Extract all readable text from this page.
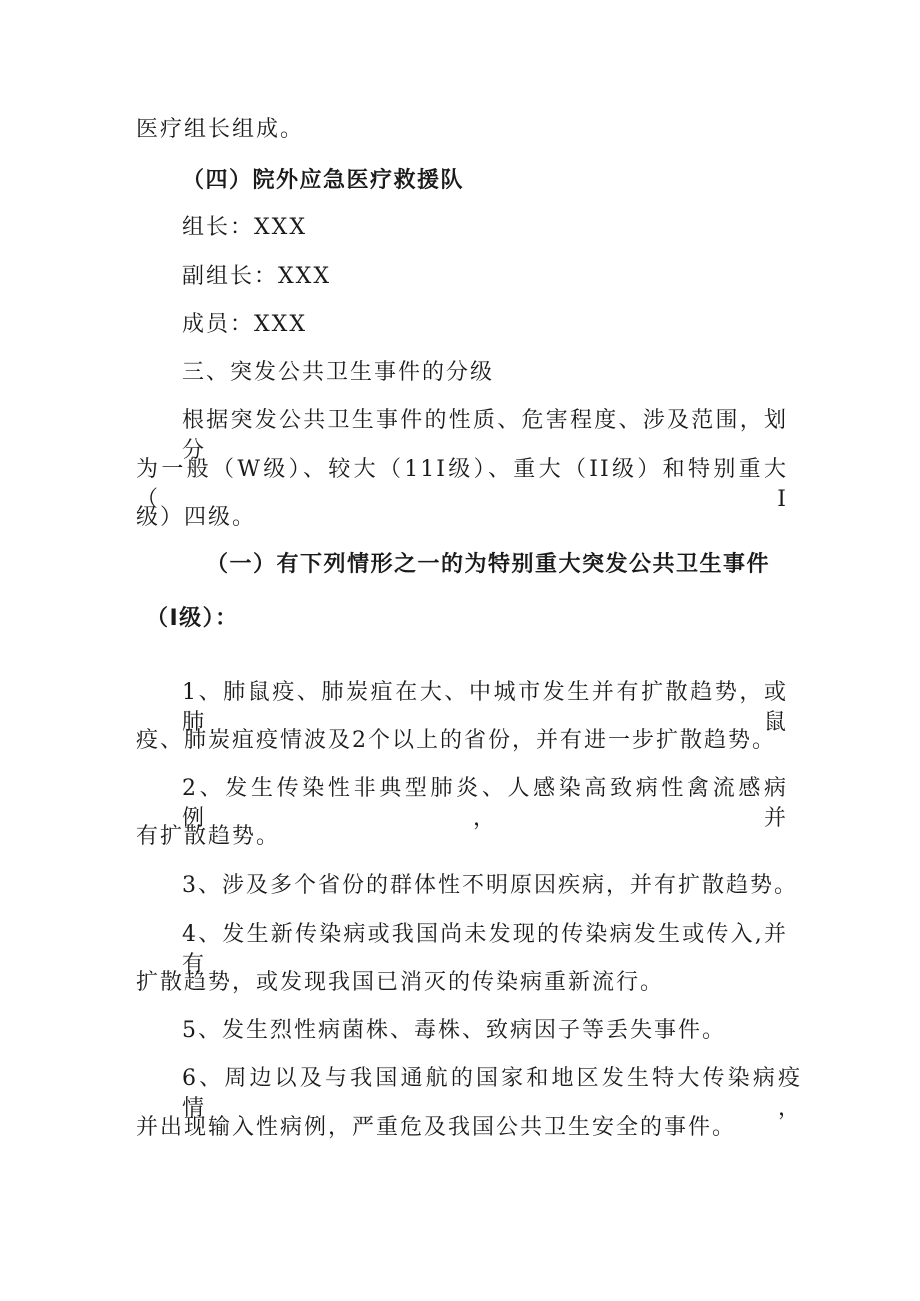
医疗组长组成。
（四）院外应急医疗救援队
组长：XXX
副组长：XXX
成员：XXX
三、突发公共卫生事件的分级
根据突发公共卫生事件的性质、危害程度、涉及范围，划分
为一般（W级）、较大（11I级）、重大（II级）和特别重大（I
级）四级。
（一）有下列情形之一的为特别重大突发公共卫生事件
（I级）：
1、肺鼠疫、肺炭疽在大、中城市发生并有扩散趋势，或肺鼠
疫、肺炭疽疫情波及2个以上的省份，并有进一步扩散趋势。
2、发生传染性非典型肺炎、人感染高致病性禽流感病例，并
有扩散趋势。
3、涉及多个省份的群体性不明原因疾病，并有扩散趋势。
4、发生新传染病或我国尚未发现的传染病发生或传入,并有
扩散趋势，或发现我国已消灭的传染病重新流行。
5、发生烈性病菌株、毒株、致病因子等丢失事件。
6、周边以及与我国通航的国家和地区发生特大传染病疫情，
并出现输入性病例，严重危及我国公共卫生安全的事件。
